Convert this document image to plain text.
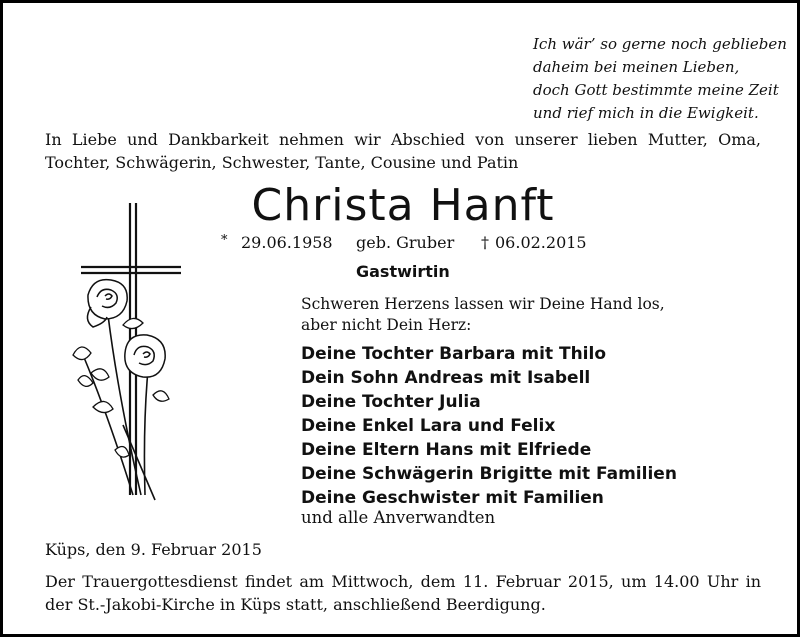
Ich wär’ so gerne noch geblieben
daheim bei meinen Lieben,
doch Gott bestimmte meine Zeit
und rief mich in die Ewigkeit.
In Liebe und Dankbarkeit nehmen wir Abschied von unserer lieben Mutter, Oma, Tochter, Schwägerin, Schwester, Tante, Cousine und Patin
Christa Hanft
* 29.06.1958 geb. Gruber † 06.02.2015
Gastwirtin
Schweren Herzens lassen wir Deine Hand los,
aber nicht Dein Herz:
Deine Tochter Barbara mit Thilo
Dein Sohn Andreas mit Isabell
Deine Tochter Julia
Deine Enkel Lara und Felix
Deine Eltern Hans mit Elfriede
Deine Schwägerin Brigitte mit Familien
Deine Geschwister mit Familien
und alle Anverwandten
Küps, den 9. Februar 2015
Der Trauergottesdienst findet am Mittwoch, dem 11. Februar 2015, um 14.00 Uhr in der St.-Jakobi-Kirche in Küps statt, anschließend Beerdigung.
